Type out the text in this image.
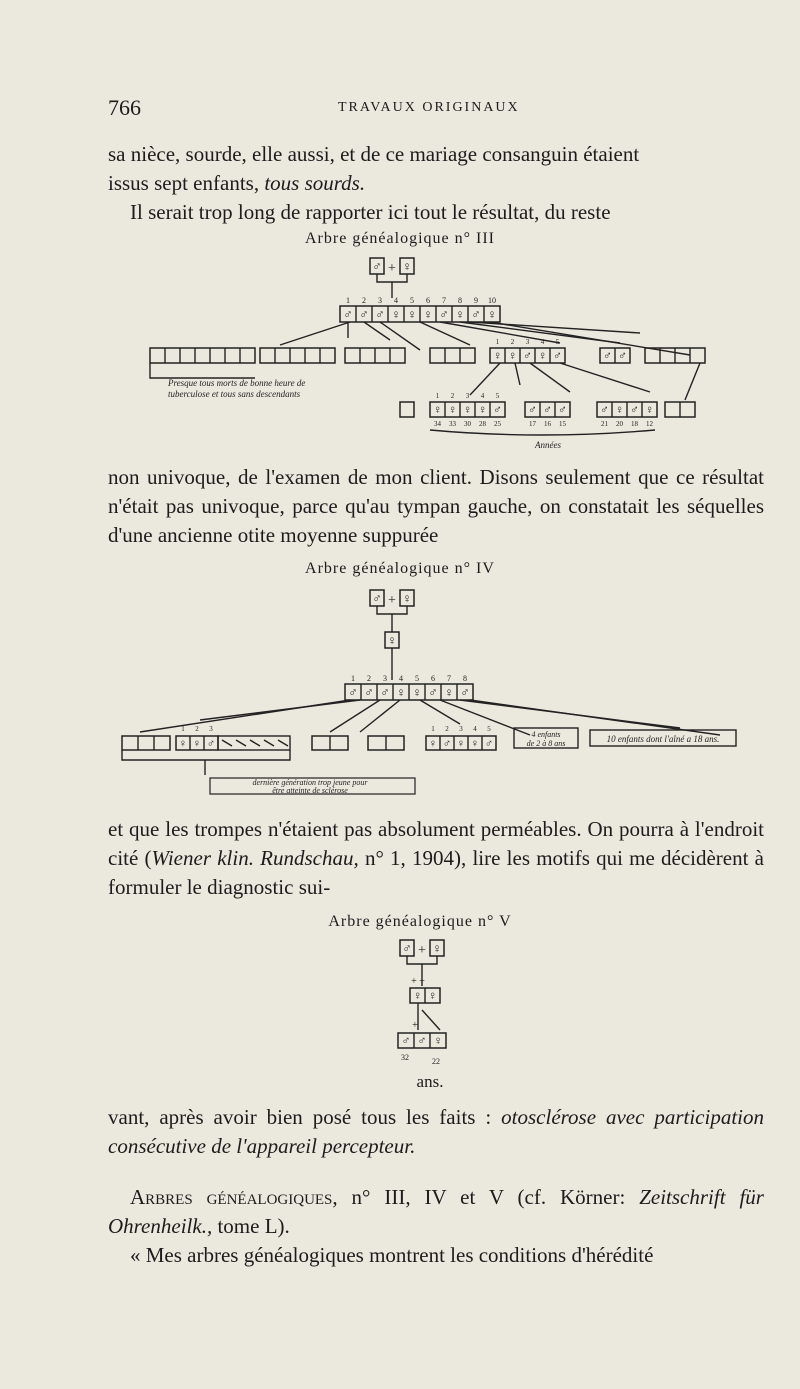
766	TRAVAUX ORIGINAUX

sa nièce, sourde, elle aussi, et de ce mariage consanguin étaient
issus sept enfants, tous sourds.

Il serait trop long de rapporter ici tout le résultat, du reste

Arbre généalogique n° III
♂ + ♀
1 2 3 4 5 6 7 8 9 10
♂ ♂ ♂ ♀ ♀ ♀ ♂ ♀ ♂ ♀
1 2 3 4 5
♀ ♀ ♂ ♀ ♂	♂ ♂
Presque tous morts de bonne heure de
tuberculose et tous sans descendants	1 2 3 4 5
♀ ♀ ♀ ♀ ♂ ♂ ♂ ♂	♂ ♀ ♂ ♀
34 33 30 28 25	17 16 15	21 20 18 12
Années

non univoque, de l'examen de mon client. Disons seulement que ce résultat n'était pas univoque, parce qu'au tympan gauche, on constatait les séquelles d'une ancienne otite moyenne suppurée

Arbre généalogique n° IV
♂ + ♀
♀
1 2 3 4 5 6 7 8
♂ ♂ ♂ ♀ ♀ ♂ ♀ ♂
1 2 3
♀ ♀ ♂
1 2 3 4 5
♀ ♂ ♀ ♀ ♂
4 enfants
de 2 à 8 ans	10 enfants dont l'aîné a 18 ans.
dernière génération trop jeune pour
être atteinte de sclérose

et que les trompes n'étaient pas absolument perméables. On pourra à l'endroit cité (Wiener klin. Rundschau, n° 1, 1904), lire les motifs qui me décidèrent à formuler le diagnostic sui-

Arbre généalogique n° V
♂ + ♀
+ +
♀ ♀
+
♂ ♂ ♀
32	22
ans.

vant, après avoir bien posé tous les faits : otosclérose avec participation consécutive de l'appareil percepteur.

Arbres généalogiques, n° III, IV et V (cf. Körner: Zeitschrift für Ohrenheilk., tome L).

« Mes arbres généalogiques montrent les conditions d'hérédité
